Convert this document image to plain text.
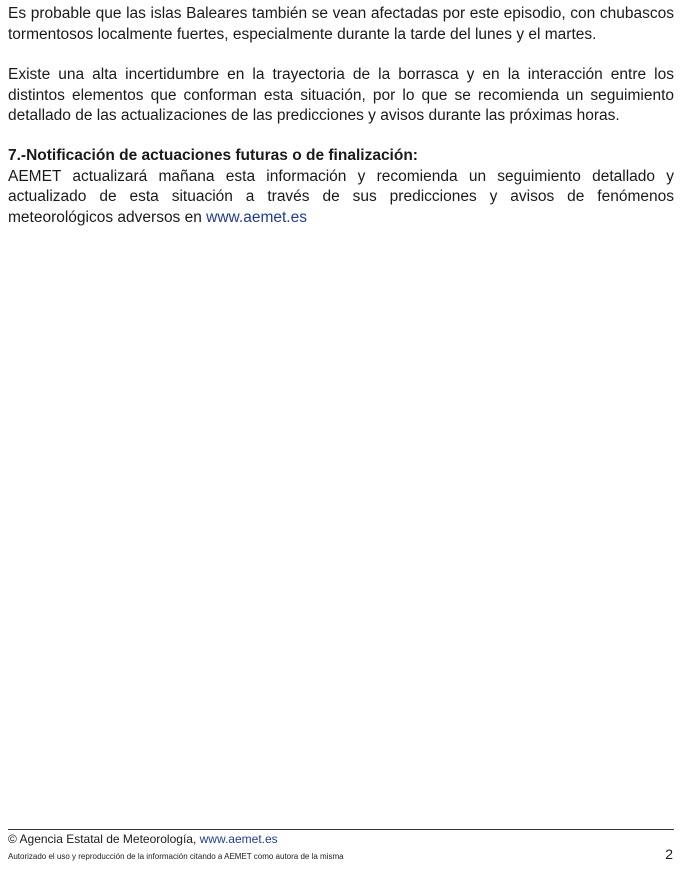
Es probable que las islas Baleares también se vean afectadas por este episodio, con chubascos tormentosos localmente fuertes, especialmente durante la tarde del lunes y el martes.

Existe una alta incertidumbre en la trayectoria de la borrasca y en la interacción entre los distintos elementos que conforman esta situación, por lo que se recomienda un seguimiento detallado de las actualizaciones de las predicciones y avisos durante las próximas horas.

7.-Notificación de actuaciones futuras o de finalización:

AEMET actualizará mañana esta información y recomienda un seguimiento detallado y actualizado de esta situación a través de sus predicciones y avisos de fenómenos meteorológicos adversos en www.aemet.es

© Agencia Estatal de Meteorología, www.aemet.es
Autorizado el uso y reproducción de la información citando a AEMET como autora de la misma	2
